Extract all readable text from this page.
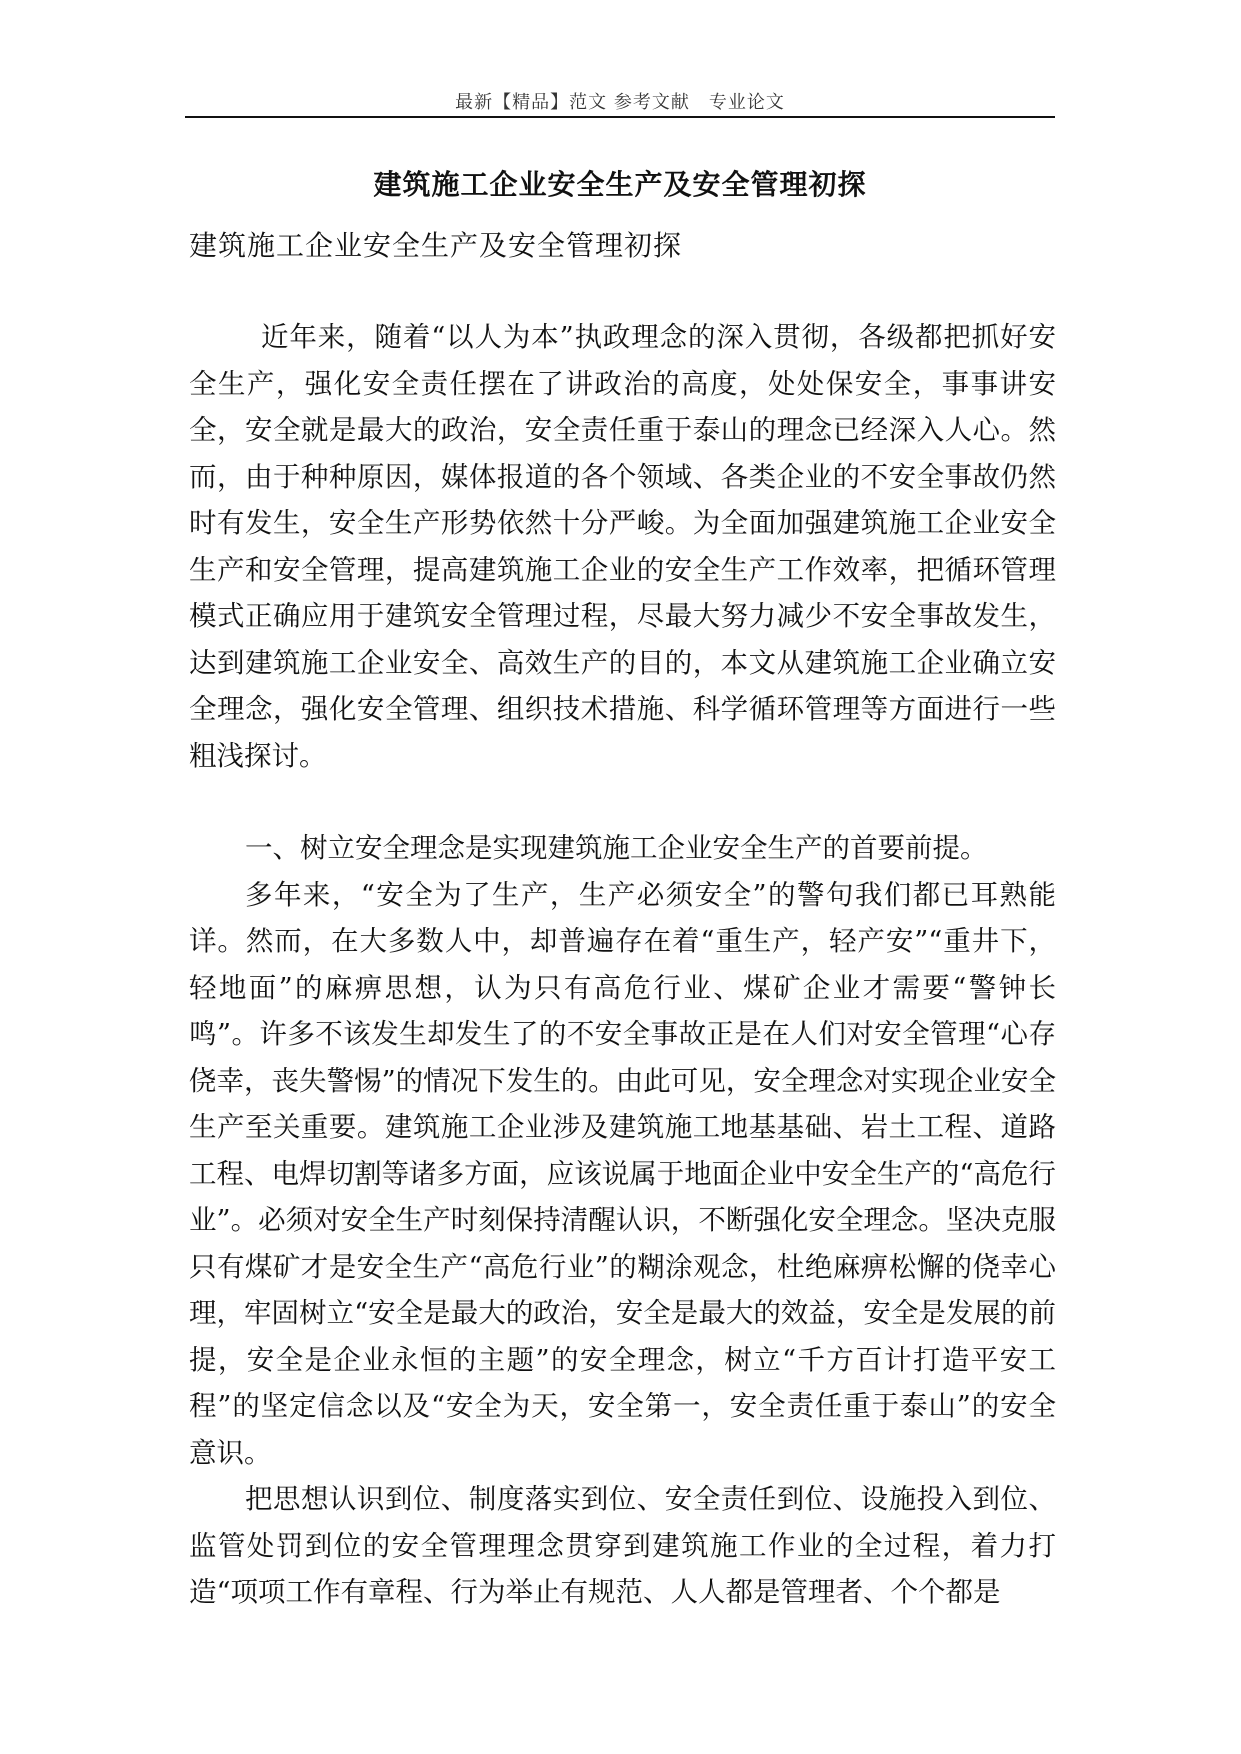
最新【精品】范文 参考文献　专业论文
建筑施工企业安全生产及安全管理初探
建筑施工企业安全生产及安全管理初探

近年来，随着“以人为本”执政理念的深入贯彻，各级都把抓好安全生产，强化安全责任摆在了讲政治的高度，处处保安全，事事讲安全，安全就是最大的政治，安全责任重于泰山的理念已经深入人心。然而，由于种种原因，媒体报道的各个领域、各类企业的不安全事故仍然时有发生，安全生产形势依然十分严峻。为全面加强建筑施工企业安全生产和安全管理，提高建筑施工企业的安全生产工作效率，把循环管理模式正确应用于建筑安全管理过程，尽最大努力减少不安全事故发生，达到建筑施工企业安全、高效生产的目的，本文从建筑施工企业确立安全理念，强化安全管理、组织技术措施、科学循环管理等方面进行一些粗浅探讨。

一、树立安全理念是实现建筑施工企业安全生产的首要前提。

多年来，“安全为了生产，生产必须安全”的警句我们都已耳熟能详。然而，在大多数人中，却普遍存在着“重生产，轻产安”“重井下，轻地面”的麻痹思想，认为只有高危行业、煤矿企业才需要“警钟长鸣”。许多不该发生却发生了的不安全事故正是在人们对安全管理“心存侥幸，丧失警惕”的情况下发生的。由此可见，安全理念对实现企业安全生产至关重要。建筑施工企业涉及建筑施工地基基础、岩土工程、道路工程、电焊切割等诸多方面，应该说属于地面企业中安全生产的“高危行业”。必须对安全生产时刻保持清醒认识，不断强化安全理念。坚决克服只有煤矿才是安全生产“高危行业”的糊涂观念，杜绝麻痹松懈的侥幸心理，牢固树立“安全是最大的政治，安全是最大的效益，安全是发展的前提，安全是企业永恒的主题”的安全理念，树立“千方百计打造平安工程”的坚定信念以及“安全为天，安全第一，安全责任重于泰山”的安全意识。

把思想认识到位、制度落实到位、安全责任到位、设施投入到位、监管处罚到位的安全管理理念贯穿到建筑施工作业的全过程，着力打造“项项工作有章程、行为举止有规范、人人都是管理者、个个都是
